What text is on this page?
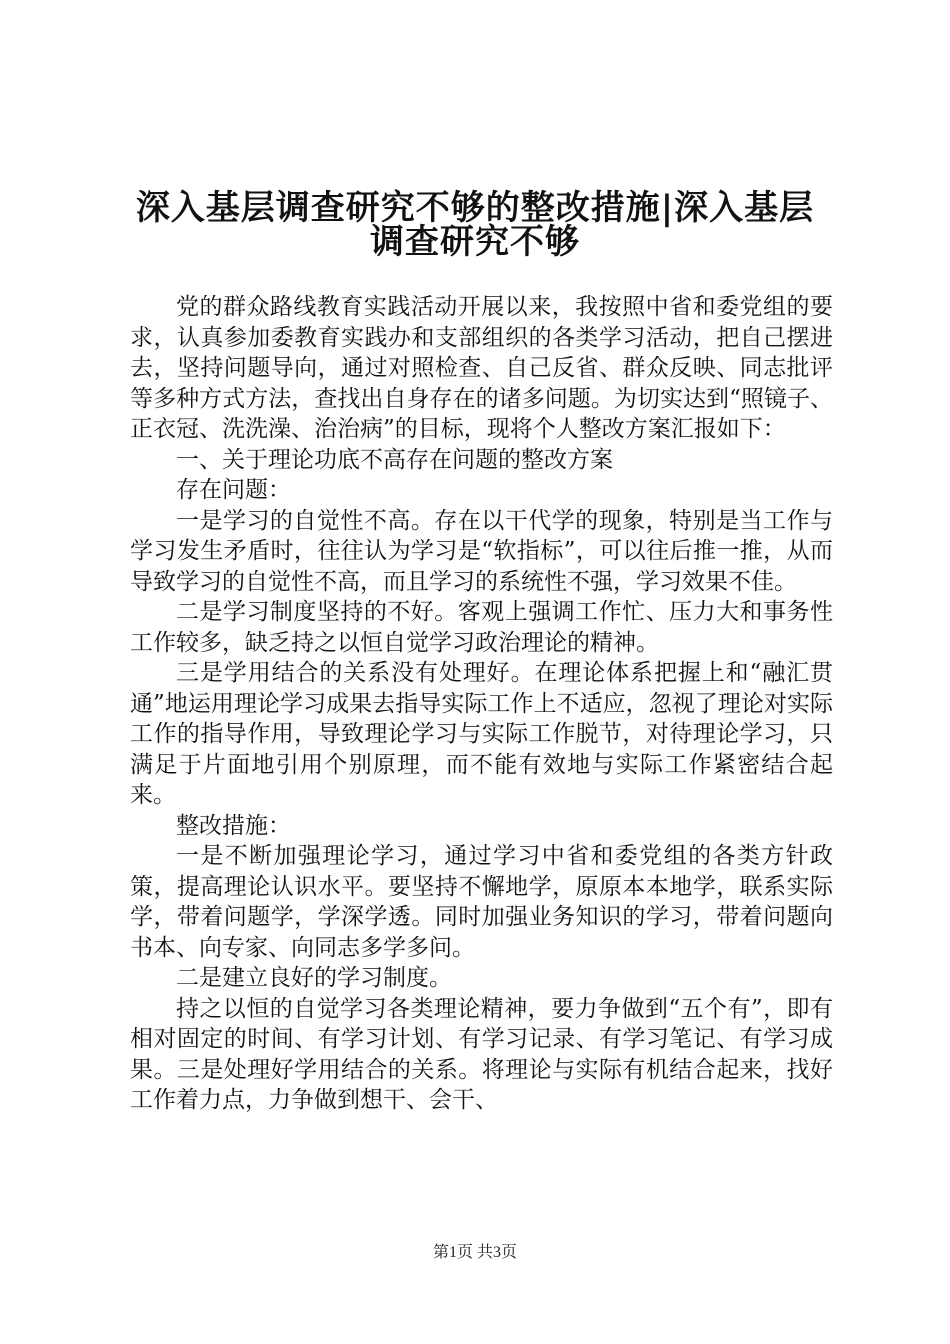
深入基层调查研究不够的整改措施|深入基层
调查研究不够

党的群众路线教育实践活动开展以来，我按照中省和委党组的要求，认真参加委教育实践办和支部组织的各类学习活动，把自己摆进去，坚持问题导向，通过对照检查、自己反省、群众反映、同志批评等多种方式方法，查找出自身存在的诸多问题。为切实达到“照镜子、正衣冠、洗洗澡、治治病”的目标，现将个人整改方案汇报如下：

一、关于理论功底不高存在问题的整改方案

存在问题：

一是学习的自觉性不高。存在以干代学的现象，特别是当工作与学习发生矛盾时，往往认为学习是“软指标”，可以往后推一推，从而导致学习的自觉性不高，而且学习的系统性不强，学习效果不佳。

二是学习制度坚持的不好。客观上强调工作忙、压力大和事务性工作较多，缺乏持之以恒自觉学习政治理论的精神。

三是学用结合的关系没有处理好。在理论体系把握上和“融汇贯通”地运用理论学习成果去指导实际工作上不适应，忽视了理论对实际工作的指导作用，导致理论学习与实际工作脱节，对待理论学习，只满足于片面地引用个别原理，而不能有效地与实际工作紧密结合起来。

整改措施：

一是不断加强理论学习，通过学习中省和委党组的各类方针政策，提高理论认识水平。要坚持不懈地学，原原本本地学，联系实际学，带着问题学，学深学透。同时加强业务知识的学习，带着问题向书本、向专家、向同志多学多问。

二是建立良好的学习制度。

持之以恒的自觉学习各类理论精神，要力争做到“五个有”，即有相对固定的时间、有学习计划、有学习记录、有学习笔记、有学习成果。三是处理好学用结合的关系。将理论与实际有机结合起来，找好工作着力点，力争做到想干、会干、

第1页 共3页
